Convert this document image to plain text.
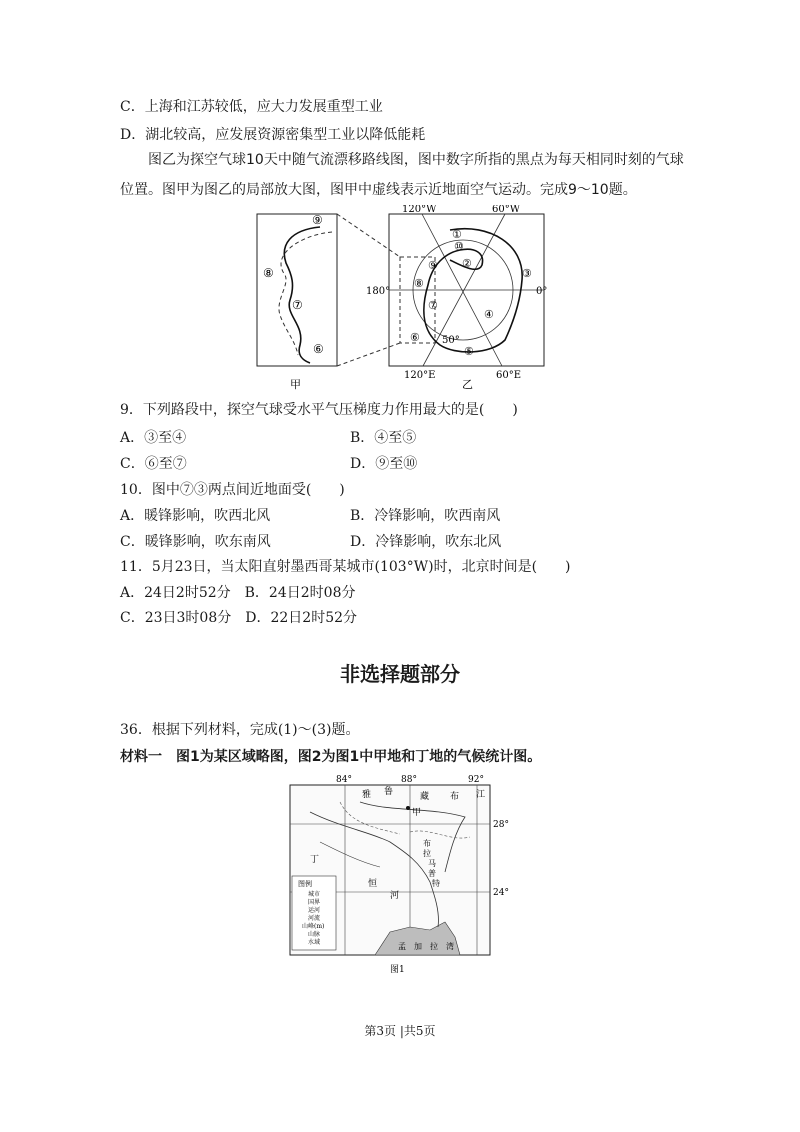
C．上海和江苏较低，应大力发展重型工业
D．湖北较高，应发展资源密集型工业以降低能耗
图乙为探空气球10天中随气流漂移路线图，图中数字所指的黑点为每天相同时刻的气球位置。图甲为图乙的局部放大图，图甲中虚线表示近地面空气运动。完成9～10题。
⑨
⑧
⑦
⑥
①
⑩
②
⑨
③
⑧
⑦
④
⑥
⑤
120°W	60°W
180°	0°
120°E	60°E
50°
甲	乙
9．下列路段中，探空气球受水平气压梯度力作用最大的是(　　)
A．③至④	B．④至⑤
C．⑥至⑦	D．⑨至⑩
10．图中⑦③两点间近地面受(　　)
A．暖锋影响，吹西北风	B．冷锋影响，吹西南风
C．暖锋影响，吹东南风	D．冷锋影响，吹东北风
11．5月23日，当太阳直射墨西哥某城市(103°W)时，北京时间是(　　)
A．24日2时52分　B．24日2时08分
C．23日3时08分　D．22日2时52分
非选择题部分
36．根据下列材料，完成(1)～(3)题。
材料一 图1为某区域略图，图2为图1中甲地和丁地的气候统计图。
图例
城市
国界
运河
河流
山峰(m)
山脉
水域
雅 鲁	藏 布 江
甲
丁
恒
河
布
拉
马
普
特
孟 加 拉 湾
84°	88°	92°
28°
24°
图1
第3页 |共5页
